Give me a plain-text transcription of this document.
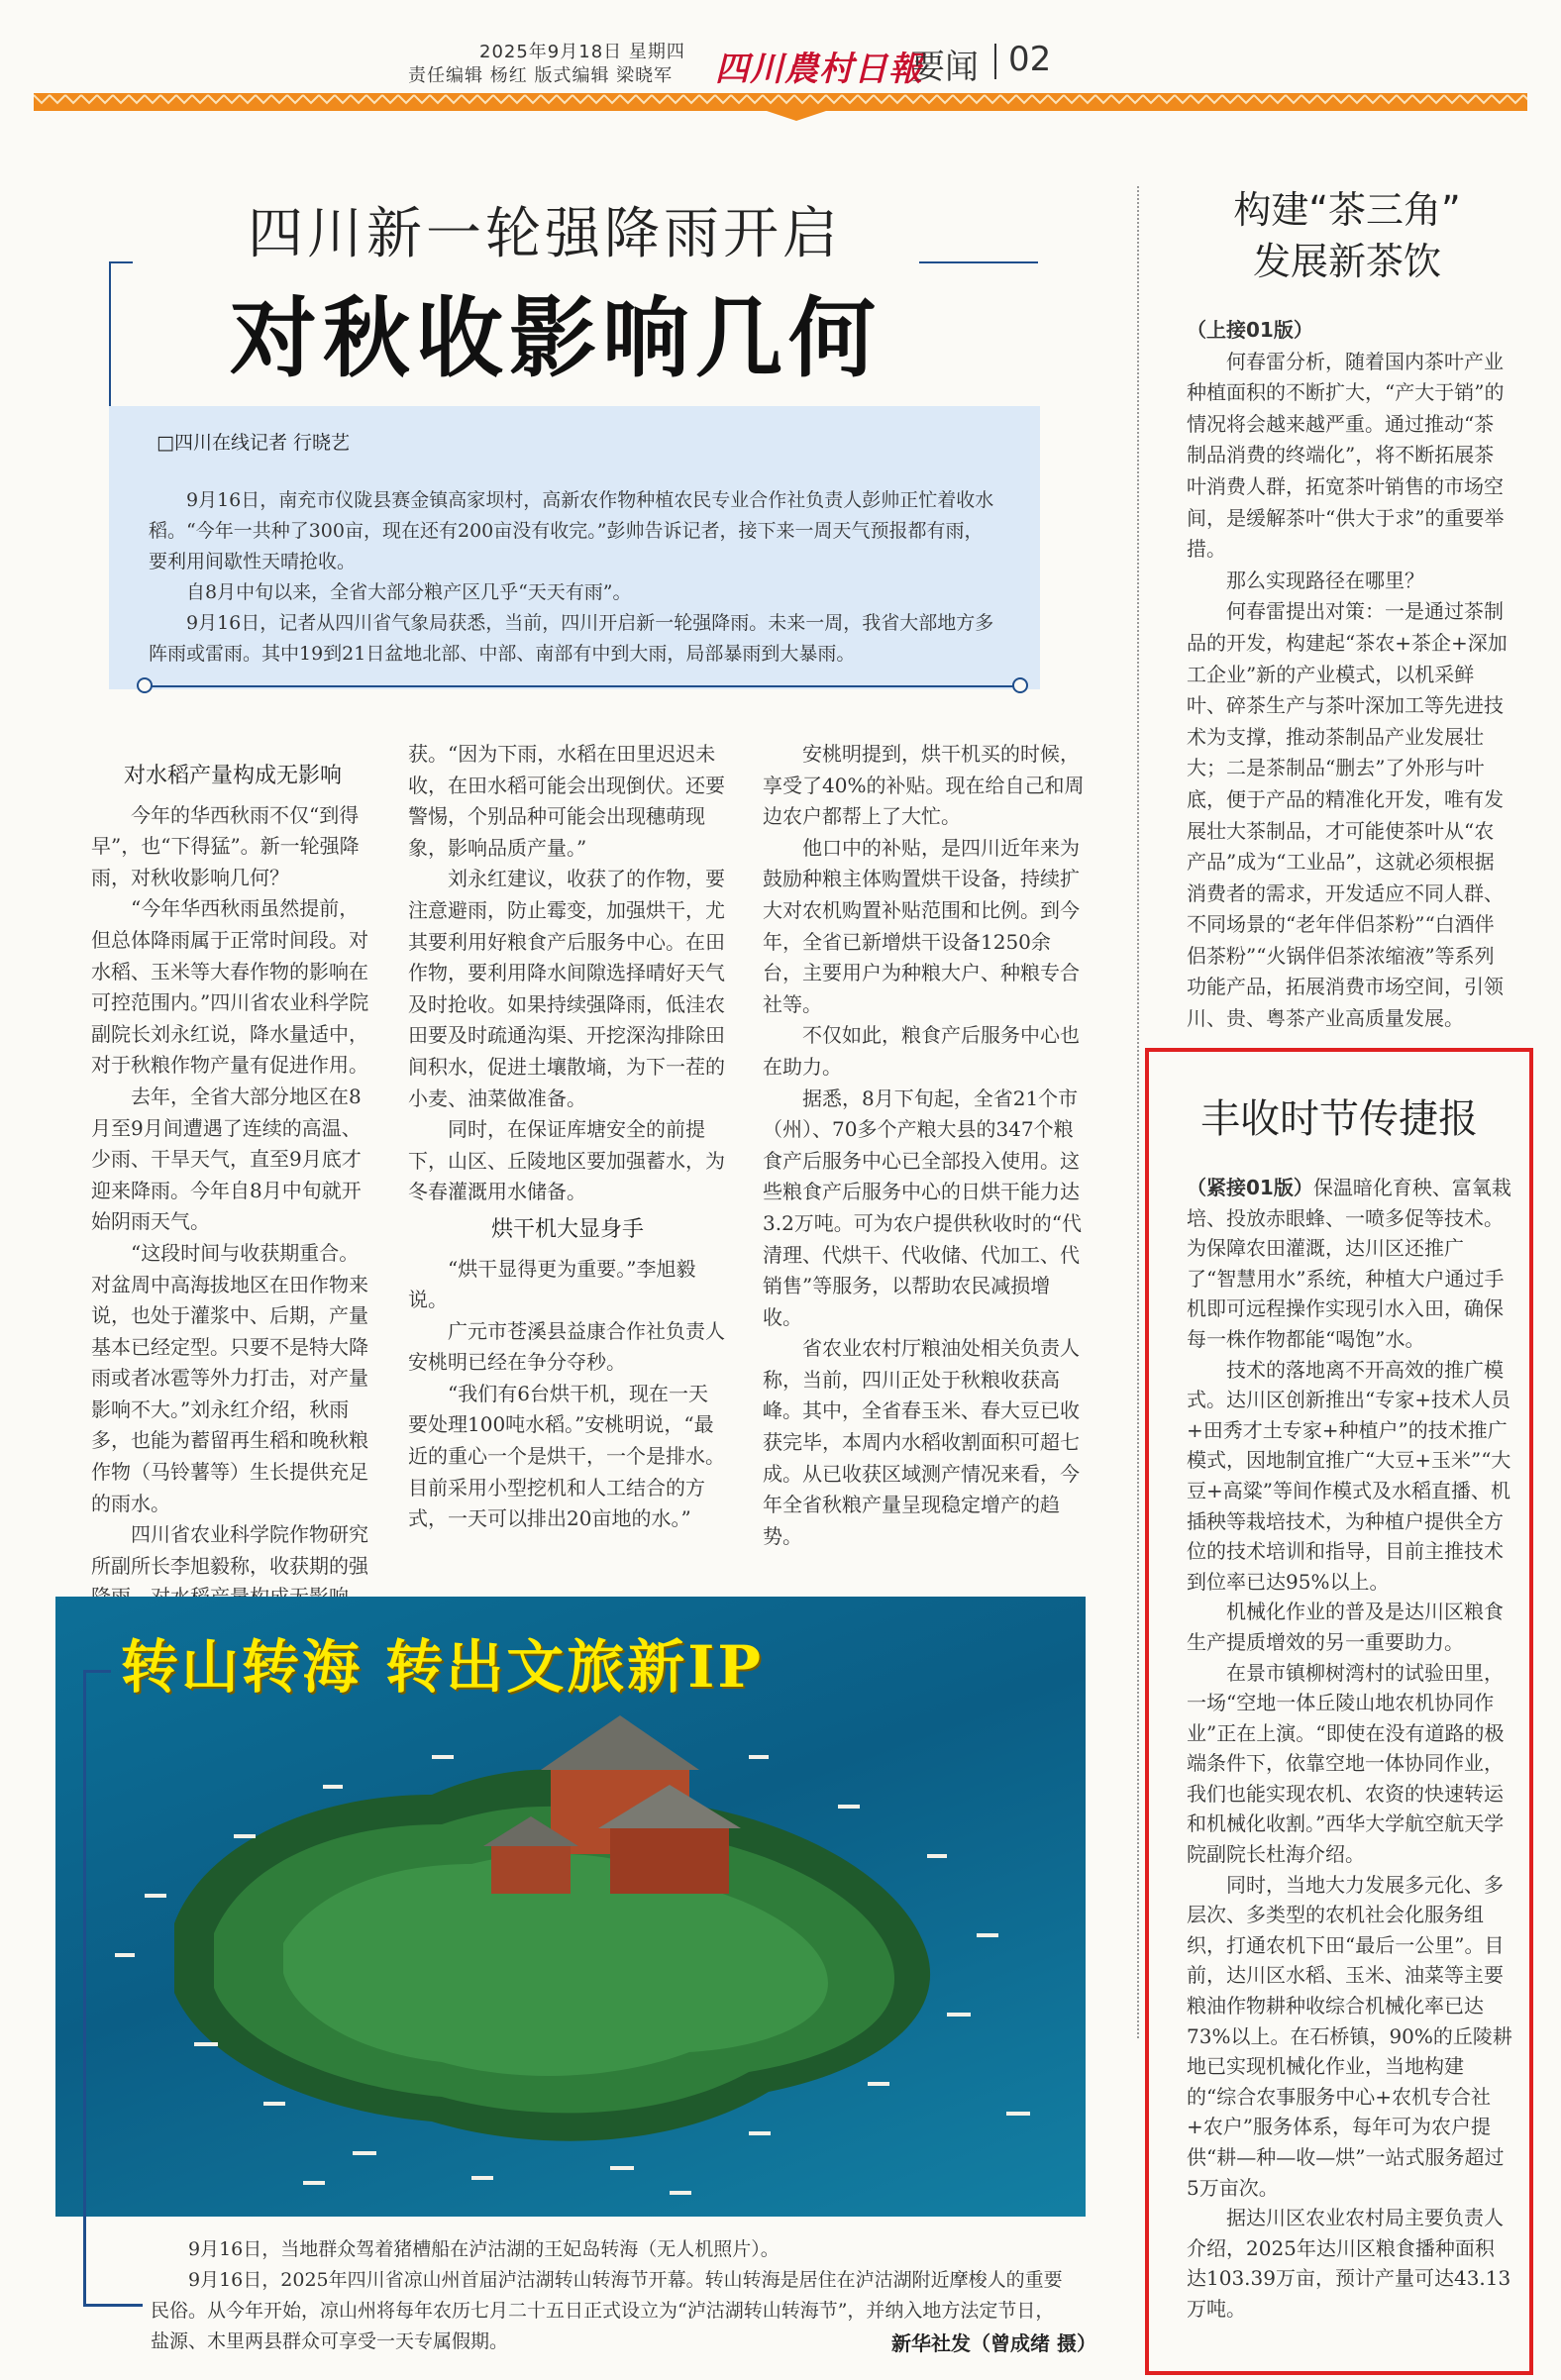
2025年9月18日 星期四
责任编辑 杨红 版式编辑 梁晓军 四川農村日報
要闻 02
四川新一轮强降雨开启
对秋收影响几何
□四川在线记者 行晓艺

9月16日，南充市仪陇县赛金镇高家坝村，高新农作物种植农民专业合作社负责人彭帅正忙着收水稻。“今年一共种了300亩，现在还有200亩没有收完。”彭帅告诉记者，接下来一周天气预报都有雨，要利用间歇性天晴抢收。

自8月中旬以来，全省大部分粮产区几乎“天天有雨”。

9月16日，记者从四川省气象局获悉，当前，四川开启新一轮强降雨。未来一周，我省大部地方多阵雨或雷雨。其中19到21日盆地北部、中部、南部有中到大雨，局部暴雨到大暴雨。

对水稻产量构成无影响

今年的华西秋雨不仅“到得早”，也“下得猛”。新一轮强降雨，对秋收影响几何？

“今年华西秋雨虽然提前，但总体降雨属于正常时间段。对水稻、玉米等大春作物的影响在可控范围内。”四川省农业科学院副院长刘永红说，降水量适中，对于秋粮作物产量有促进作用。

去年，全省大部分地区在8月至9月间遭遇了连续的高温、少雨、干旱天气，直至9月底才迎来降雨。今年自8月中旬就开始阴雨天气。

“这段时间与收获期重合。对盆周中高海拔地区在田作物来说，也处于灌浆中、后期，产量基本已经定型。只要不是特大降雨或者冰雹等外力打击，对产量影响不大。”刘永红介绍，秋雨多，也能为蓄留再生稻和晚秋粮作物（马铃薯等）生长提供充足的雨水。

四川省农业科学院作物研究所副所长李旭毅称，收获期的强

获。“因为下雨，水稻在田里迟迟未收，在田水稻可能会出现倒伏。还要警惕，个别品种可能会出现穗萌现象，影响品质产量。”

刘永红建议，收获了的作物，要注意避雨，防止霉变，加强烘干，尤其要利用好粮食产后服务中心。在田作物，要利用降水间隙选择晴好天气及时抢收。如果持续强降雨，低洼农田要及时疏通沟渠、开挖深沟排除田间积水，促进土壤散墒，为下一茬的小麦、油菜做准备。

同时，在保证库塘安全的前提下，山区、丘陵地区要加强蓄水，为冬春灌溉用水储备。

烘干机大显身手

“烘干显得更为重要。”李旭毅说。

广元市苍溪县益康合作社负责人安桃明已经在争分夺秒。

“我们有6台烘干机，现在一天要处理100吨水稻。”安桃明说，“最近的重心一个是烘干，一个是排水。目前采用小型挖机和人工结合的方式，一天可以排出20亩地的水。”

安桃明提到，烘干机买的时候，享受了40%的补贴。现在给自己和周边农户都帮上了大忙。

他口中的补贴，是四川近年来为鼓励种粮主体购置烘干设备，持续扩大对农机购置补贴范围和比例。到今年，全省已新增烘干设备1250余台，主要用户为种粮大户、种粮专合社等。

不仅如此，粮食产后服务中心也在助力。

据悉，8月下旬起，全省21个市（州）、70多个产粮大县的347个粮食产后服务中心已全部投入使用。这些粮食产后服务中心的日烘干能力达3.2万吨。可为农户提供秋收时的“代清理、代烘干、代收储、代加工、代销售”等服务，以帮助农民减损增收。

省农业农村厅粮油处相关负责人称，当前，四川正处于秋粮收获高峰。其中，全省春玉米、春大豆已收获完毕，本周内水稻收割面积可超七成。从已收获区域测产情况来看，今年全省秋粮产量呈现稳定增产的趋势。

构建“茶三角”
发展新茶饮

（上接01版）

何春雷分析，随着国内茶叶产业种植面积的不断扩大，“产大于销”的情况将会越来越严重。通过推动“茶制品消费的终端化”，将不断拓展茶叶消费人群，拓宽茶叶销售的市场空间，是缓解茶叶“供大于求”的重要举措。

那么实现路径在哪里？

何春雷提出对策：一是通过茶制品的开发，构建起“茶农+茶企+深加工企业”新的产业模式，以机采鲜叶、碎茶生产与茶叶深加工等先进技术为支撑，推动茶制品产业发展壮大；二是茶制品“删去”了外形与叶底，便于产品的精准化开发，唯有发展壮大茶制品，才可能使茶叶从“农产品”成为“工业品”，这就必须根据消费者的需求，开发适应不同人群、不同场景的“老年伴侣茶粉”“白酒伴侣茶粉”“火锅伴侣茶浓缩液”等系列功能产品，拓展消费市场空间，引领川、贵、粤茶产业高质量发展。

丰收时节传捷报

（紧接01版）保温暗化育秧、富氧栽培、投放赤眼蜂、一喷多促等技术。为保障农田灌溉，达川区还推广了“智慧用水”系统，种植大户通过手机即可远程操作实现引水入田，确保每一株作物都能“喝饱”水。

技术的落地离不开高效的推广模式。达川区创新推出“专家+技术人员+田秀才土专家+种植户”的技术推广模式，因地制宜推广“大豆+玉米”“大豆+高粱”等间作模式及水稻直播、机插秧等栽培技术，为种植户提供全方位的技术培训和指导，目前主推技术到位率已达95%以上。

机械化作业的普及是达川区粮食生产提质增效的另一重要助力。

在景市镇柳树湾村的试验田里，一场“空地一体丘陵山地农机协同作业”正在上演。“即使在没有道路的极端条件下，依靠空地一体协同作业，我们也能实现农机、农资的快速转运和机械化收割。”西华大学航空航天学院副院长杜海介绍。

同时，当地大力发展多元化、多层次、多类型的农机社会化服务组织，打通农机下田“最后一公里”。目前，达川区水稻、玉米、油菜等主要粮油作物耕种收综合机械化率已达73%以上。在石桥镇，90%的丘陵耕地已实现机械化作业，当地构建的“综合农事服务中心+农机专合社+农户”服务体系，每年可为农户提供“耕—种—收—烘”一站式服务超过5万亩次。

据达川区农业农村局主要负责人介绍，2025年达川区粮食播种面积达103.39万亩，预计产量可达43.13万吨。

转山转海 转出文旅新IP

9月16日，当地群众驾着猪槽船在泸沽湖的王妃岛转海（无人机照片）。

9月16日，2025年四川省凉山州首届泸沽湖转山转海节开幕。转山转海是居住在泸沽湖附近摩梭人的重要民俗。从今年开始，凉山州将每年农历七月二十五日正式设立为“泸沽湖转山转海节”，并纳入地方法定节日，盐源、木里两县群众可享受一天专属假期。	新华社发（曾成绪 摄）
